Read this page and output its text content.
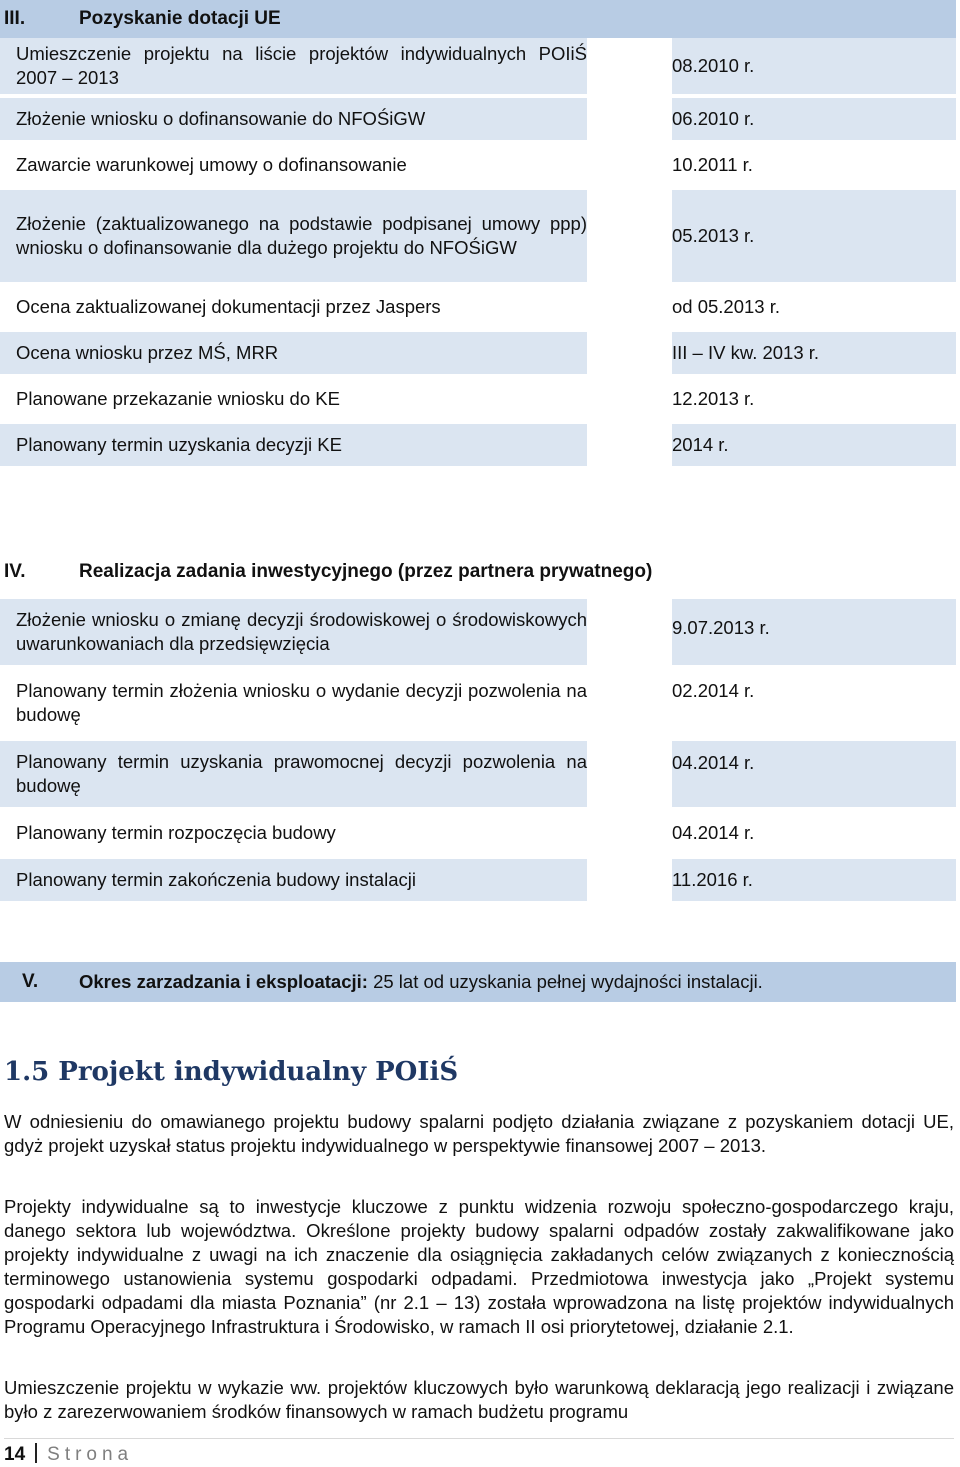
III.	Pozyskanie dotacji UE
Umieszczenie projektu na liście projektów indywidualnych POIiŚ 2007 – 2013		08.2010 r.
Złożenie wniosku o dofinansowanie do NFOŚiGW		06.2010 r.
Zawarcie warunkowej umowy o dofinansowanie		10.2011 r.
Złożenie (zaktualizowanego na podstawie podpisanej umowy ppp) wniosku o dofinansowanie dla dużego projektu do NFOŚiGW		05.2013 r.
Ocena zaktualizowanej dokumentacji przez Jaspers		od 05.2013 r.
Ocena wniosku przez MŚ, MRR		III – IV kw. 2013 r.
Planowane przekazanie wniosku do KE		12.2013 r.
Planowany termin uzyskania decyzji KE		2014 r.
IV.	Realizacja zadania inwestycyjnego (przez partnera prywatnego)
Złożenie wniosku o zmianę decyzji środowiskowej o środowiskowych uwarunkowaniach dla przedsięwzięcia		9.07.2013 r.
Planowany termin złożenia wniosku o wydanie decyzji pozwolenia na budowę		02.2014 r.
Planowany termin uzyskania prawomocnej decyzji pozwolenia na budowę		04.2014 r.
Planowany termin rozpoczęcia budowy		04.2014 r.
Planowany termin zakończenia budowy instalacji		11.2016 r.
V.	Okres zarzadzania i eksploatacji: 25 lat od uzyskania pełnej wydajności instalacji.
1.5 Projekt indywidualny POIiŚ
W odniesieniu do omawianego projektu budowy spalarni podjęto działania związane z pozyskaniem dotacji UE, gdyż projekt uzyskał status projektu indywidualnego w perspektywie finansowej 2007 – 2013.
Projekty indywidualne są to inwestycje kluczowe z punktu widzenia rozwoju społeczno-gospodarczego kraju, danego sektora lub województwa. Określone projekty budowy spalarni odpadów zostały zakwalifikowane jako projekty indywidualne z uwagi na ich znaczenie dla osiągnięcia zakładanych celów związanych z koniecznością terminowego ustanowienia systemu gospodarki odpadami. Przedmiotowa inwestycja jako „Projekt systemu gospodarki odpadami dla miasta Poznania” (nr 2.1 – 13) została wprowadzona na listę projektów indywidualnych Programu Operacyjnego Infrastruktura i Środowisko, w ramach II osi priorytetowej, działanie 2.1.
Umieszczenie projektu w wykazie ww. projektów kluczowych było warunkową deklaracją jego realizacji i związane było z zarezerwowaniem środków finansowych w ramach budżetu programu
14 Strona
